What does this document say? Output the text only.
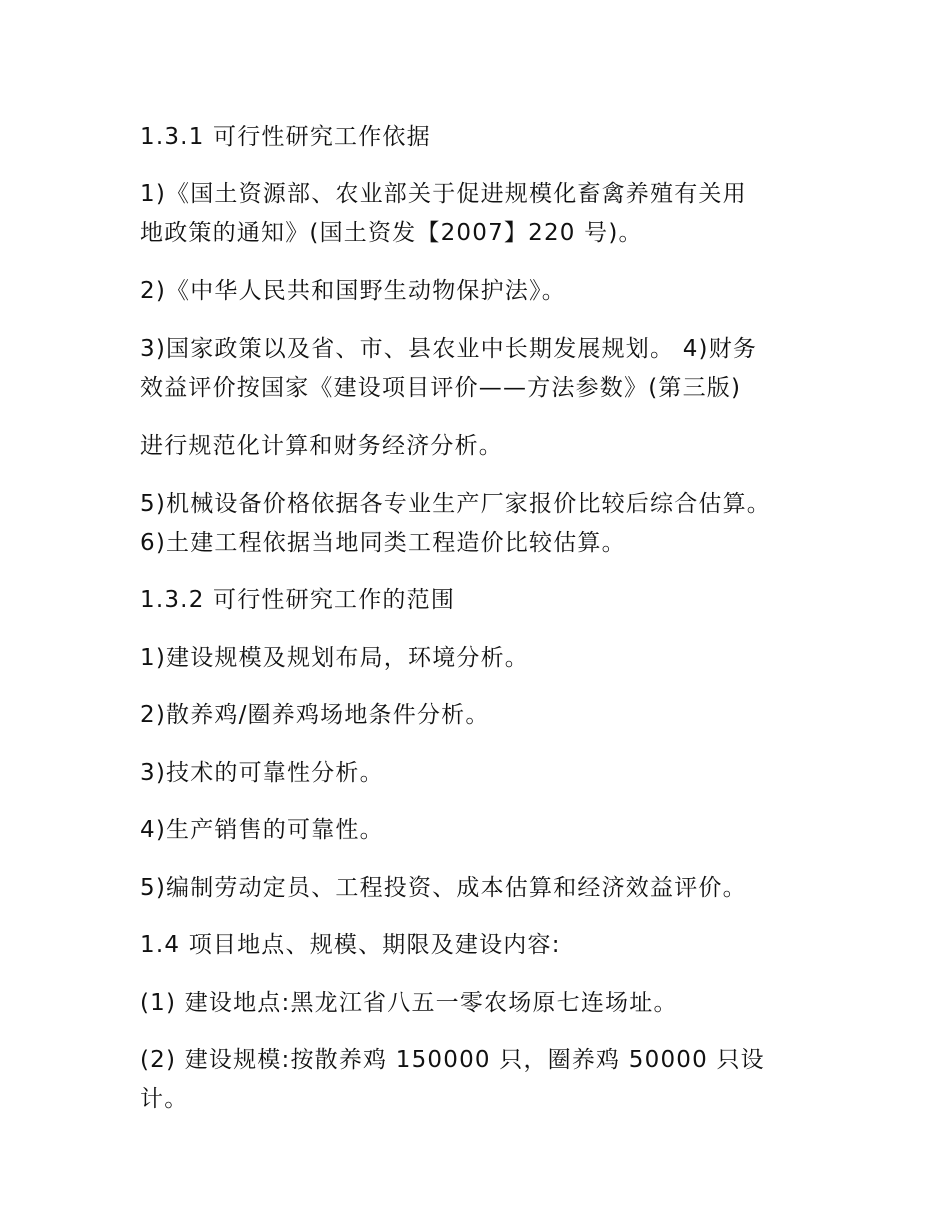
1.3.1 可行性研究工作依据
1)《国土资源部、农业部关于促进规模化畜禽养殖有关用
地政策的通知》(国土资发【2007】220 号)。
2)《中华人民共和国野生动物保护法》。
3)国家政策以及省、市、县农业中长期发展规划。 4)财务
效益评价按国家《建设项目评价——方法参数》(第三版)
进行规范化计算和财务经济分析。
5)机械设备价格依据各专业生产厂家报价比较后综合估算。
6)土建工程依据当地同类工程造价比较估算。
1.3.2 可行性研究工作的范围
1)建设规模及规划布局，环境分析。
2)散养鸡/圈养鸡场地条件分析。
3)技术的可靠性分析。
4)生产销售的可靠性。
5)编制劳动定员、工程投资、成本估算和经济效益评价。
1.4 项目地点、规模、期限及建设内容:
(1) 建设地点:黑龙江省八五一零农场原七连场址。
(2) 建设规模:按散养鸡 150000 只，圈养鸡 50000 只设
计。
